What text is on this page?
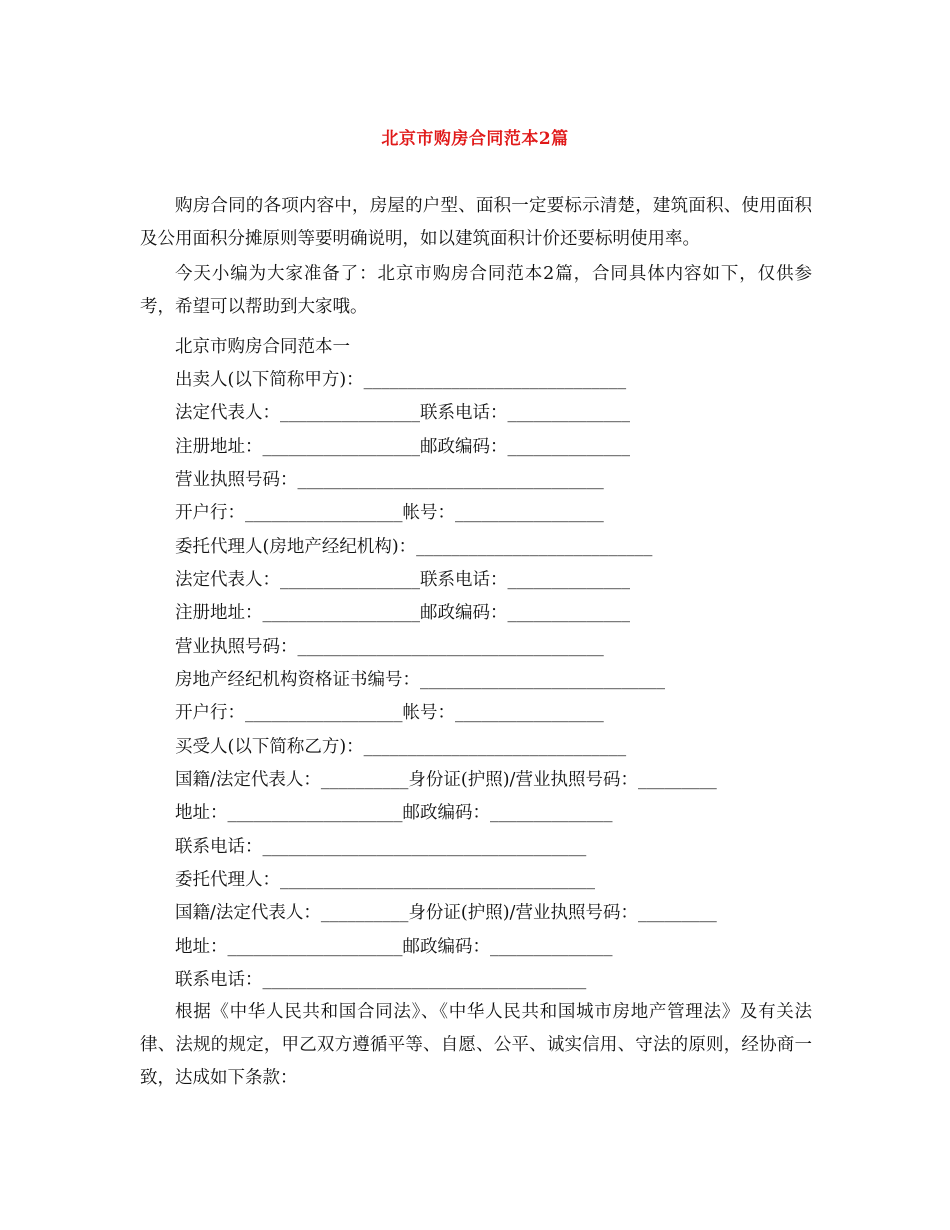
北京市购房合同范本2篇
购房合同的各项内容中，房屋的户型、面积一定要标示清楚，建筑面积、使用面积及公用面积分摊原则等要明确说明，如以建筑面积计价还要标明使用率。
今天小编为大家准备了：北京市购房合同范本2篇，合同具体内容如下，仅供参考，希望可以帮助到大家哦。
北京市购房合同范本一
出卖人(以下简称甲方)：______________________________
法定代表人：________________联系电话：______________
注册地址：__________________邮政编码：______________
营业执照号码：___________________________________
开户行：__________________帐号：_________________
委托代理人(房地产经纪机构)：___________________________
法定代表人：________________联系电话：______________
注册地址：__________________邮政编码：______________
营业执照号码：___________________________________
房地产经纪机构资格证书编号：____________________________
开户行：__________________帐号：_________________
买受人(以下简称乙方)：______________________________
国籍/法定代表人：__________身份证(护照)/营业执照号码：_________
地址：____________________邮政编码：______________
联系电话：_____________________________________
委托代理人：____________________________________
国籍/法定代表人：__________身份证(护照)/营业执照号码：_________
地址：____________________邮政编码：______________
联系电话：_____________________________________
根据《中华人民共和国合同法》、《中华人民共和国城市房地产管理法》及有关法律、法规的规定，甲乙双方遵循平等、自愿、公平、诚实信用、守法的原则，经协商一致，达成如下条款：
